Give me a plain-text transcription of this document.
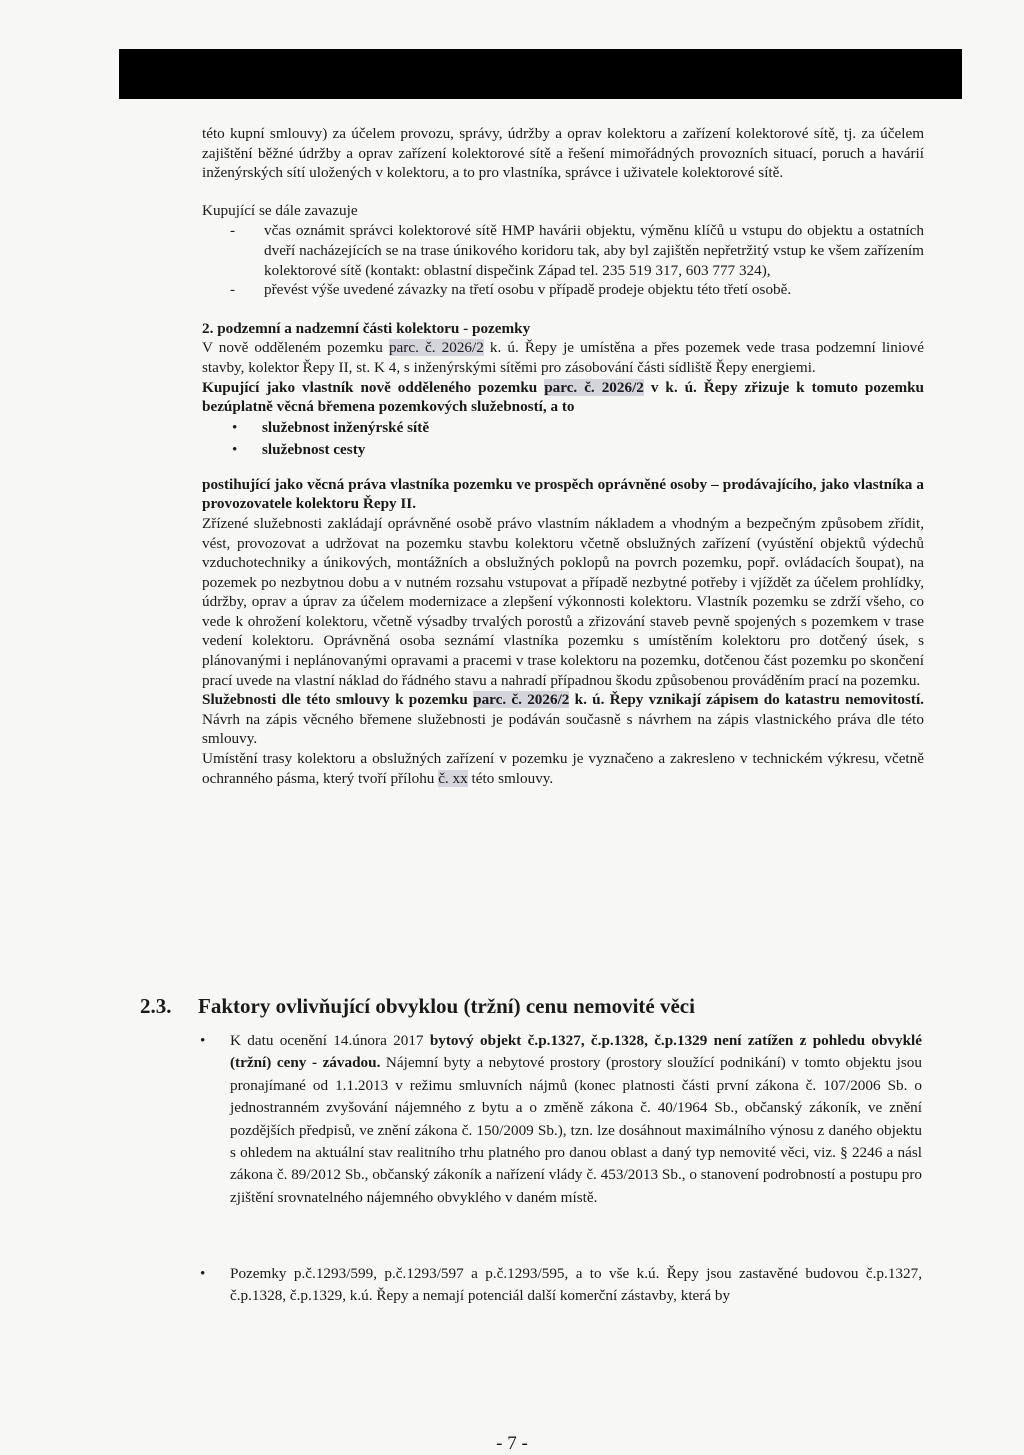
této kupní smlouvy) za účelem provozu, správy, údržby a oprav kolektoru a zařízení kolektorové sítě, tj. za účelem zajištění běžné údržby a oprav zařízení kolektorové sítě a řešení mimořádných provozních situací, poruch a havárií inženýrských sítí uložených v kolektoru, a to pro vlastníka, správce i uživatele kolektorové sítě.

Kupující se dále zavazuje

- včas oznámit správci kolektorové sítě HMP havárii objektu, výměnu klíčů u vstupu do objektu a ostatních dveří nacházejících se na trase únikového koridoru tak, aby byl zajištěn nepřetržitý vstup ke všem zařízením kolektorové sítě (kontakt: oblastní dispečink Západ tel. 235 519 317, 603 777 324),
- převést výše uvedené závazky na třetí osobu v případě prodeje objektu této třetí osobě.

2. podzemní a nadzemní části kolektoru - pozemky

V nově odděleném pozemku parc. č. 2026/2 k. ú. Řepy je umístěna a přes pozemek vede trasa podzemní liniové stavby, kolektor Řepy II, st. K 4, s inženýrskými sítěmi pro zásobování části sídliště Řepy energiemi.

Kupující jako vlastník nově odděleného pozemku parc. č. 2026/2 v k. ú. Řepy zřizuje k tomuto pozemku bezúplatně věcná břemena pozemkových služebností, a to

• služebnost inženýrské sítě
• služebnost cesty

postihující jako věcná práva vlastníka pozemku ve prospěch oprávněné osoby – prodávajícího, jako vlastníka a provozovatele kolektoru Řepy II.

Zřízené služebnosti zakládají oprávněné osobě právo vlastním nákladem a vhodným a bezpečným způsobem zřídit, vést, provozovat a udržovat na pozemku stavbu kolektoru včetně obslužných zařízení (vyústění objektů výdechů vzduchotechniky a únikových, montážních a obslužných poklopů na povrch pozemku, popř. ovládacích šoupat), na pozemek po nezbytnou dobu a v nutném rozsahu vstupovat a případě nezbytné potřeby i vjíždět za účelem prohlídky, údržby, oprav a úprav za účelem modernizace a zlepšení výkonnosti kolektoru. Vlastník pozemku se zdrží všeho, co vede k ohrožení kolektoru, včetně výsadby trvalých porostů a zřizování staveb pevně spojených s pozemkem v trase vedení kolektoru. Oprávněná osoba seznámí vlastníka pozemku s umístěním kolektoru pro dotčený úsek, s plánovanými i neplánovanými opravami a pracemi v trase kolektoru na pozemku, dotčenou část pozemku po skončení prací uvede na vlastní náklad do řádného stavu a nahradí případnou škodu způsobenou prováděním prací na pozemku.

Služebnosti dle této smlouvy k pozemku parc. č. 2026/2 k. ú. Řepy vznikají zápisem do katastru nemovitostí. Návrh na zápis věcného břemene služebnosti je podáván současně s návrhem na zápis vlastnického práva dle této smlouvy.

Umístění trasy kolektoru a obslužných zařízení v pozemku je vyznačeno a zakresleno v technickém výkresu, včetně ochranného pásma, který tvoří přílohu č. xx této smlouvy.

2.3. Faktory ovlivňující obvyklou (tržní) cenu nemovité věci
•	K datu ocenění 14.února 2017 bytový objekt č.p.1327, č.p.1328, č.p.1329 není zatížen z pohledu obvyklé (tržní) ceny - závadou. Nájemní byty a nebytové prostory (prostory sloužící podnikání) v tomto objektu jsou pronajímané od 1.1.2013 v režimu smluvních nájmů (konec platnosti části první zákona č. 107/2006 Sb. o jednostranném zvyšování nájemného z bytu a o změně zákona č. 40/1964 Sb., občanský zákoník, ve znění pozdějších předpisů, ve znění zákona č. 150/2009 Sb.), tzn. lze dosáhnout maximálního výnosu z daného objektu s ohledem na aktuální stav realitního trhu platného pro danou oblast a daný typ nemovité věci, viz. § 2246 a násl zákona č. 89/2012 Sb., občanský zákoník a nařízení vlády č. 453/2013 Sb., o stanovení podrobností a postupu pro zjištění srovnatelného nájemného obvyklého v daném místě.
•	Pozemky p.č.1293/599, p.č.1293/597 a p.č.1293/595, a to vše k.ú. Řepy jsou zastavěné budovou č.p.1327, č.p.1328, č.p.1329, k.ú. Řepy a nemají potenciál další komerční zástavby, která by
- 7 -
